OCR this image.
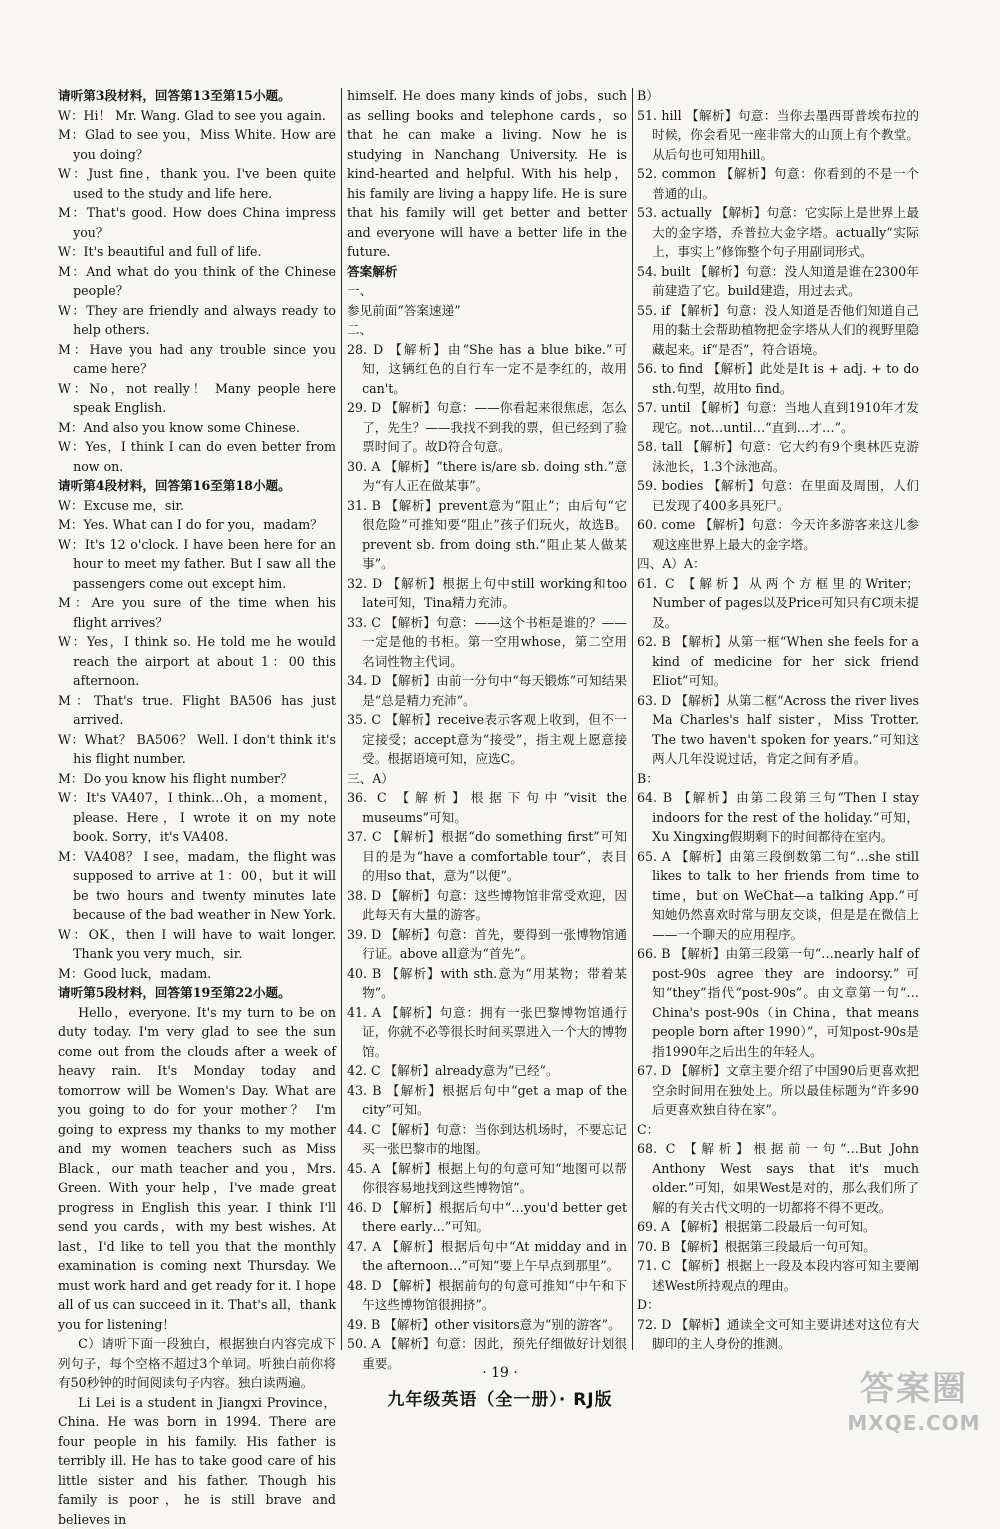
请听第3段材料，回答第13至第15小题。

W：Hi！ Mr. Wang. Glad to see you again.

M：Glad to see you，Miss White. How are you doing？

W：Just fine，thank you. I've been quite used to the study and life here.

M：That's good. How does China impress you？

W：It's beautiful and full of life.

M：And what do you think of the Chinese people？

W：They are friendly and always ready to help others.

M：Have you had any trouble since you came here？

W：No，not really！ Many people here speak English.

M：And also you know some Chinese.

W：Yes，I think I can do even better from now on.

请听第4段材料，回答第16至第18小题。

W：Excuse me，sir.

M：Yes. What can I do for you，madam？

W：It's 12 o'clock. I have been here for an hour to meet my father. But I saw all the passengers come out except him.

M：Are you sure of the time when his flight arrives？

W：Yes，I think so. He told me he would reach the airport at about 1：00 this afternoon.

M：That's true. Flight BA506 has just arrived.

W：What？ BA506？ Well. I don't think it's his flight number.

M：Do you know his flight number？

W：It's VA407，I think…Oh，a moment，please. Here，I wrote it on my note book. Sorry，it's VA408.

M：VA408？ I see，madam，the flight was supposed to arrive at 1：00，but it will be two hours and twenty minutes late because of the bad weather in New York.

W：OK，then I will have to wait longer. Thank you very much，sir.

M：Good luck，madam.

请听第5段材料，回答第19至第22小题。

Hello，everyone. It's my turn to be on duty today. I'm very glad to see the sun come out from the clouds after a week of heavy rain. It's Monday today and tomorrow will be Women's Day. What are you going to do for your mother？ I'm going to express my thanks to my mother and my women teachers such as Miss Black，our math teacher and you，Mrs. Green. With your help，I've made great progress in English this year. I think I'll send you cards，with my best wishes. At last，I'd like to tell you that the monthly examination is coming next Thursday. We must work hard and get ready for it. I hope all of us can succeed in it. That's all，thank you for listening！

C）请听下面一段独白，根据独白内容完成下列句子，每个空格不超过3个单词。听独白前你将有50秒钟的时间阅读句子内容。独白读两遍。

Li Lei is a student in Jiangxi Province，China. He was born in 1994. There are four people in his family. His father is terribly ill. He has to take good care of his little sister and his father. Though his family is poor，he is still brave and believes in

himself. He does many kinds of jobs，such as selling books and telephone cards，so that he can make a living. Now he is studying in Nanchang University. He is kind-hearted and helpful. With his help，his family are living a happy life. He is sure that his family will get better and better and everyone will have a better life in the future.

答案解析

一、

参见前面“答案速递”

二、

28. D 【解析】由“She has a blue bike.”可知，这辆红色的自行车一定不是李红的，故用can't。

29. D 【解析】句意：——你看起来很焦虑，怎么了，先生？——我找不到我的票，但已经到了验票时间了。故D符合句意。

30. A 【解析】“there is/are sb. doing sth.”意为“有人正在做某事”。

31. B 【解析】prevent意为“阻止”；由后句“它很危险”可推知要“阻止”孩子们玩火，故选B。prevent sb. from doing sth.“阻止某人做某事”。

32. D 【解析】根据上句中still working和too late可知，Tina精力充沛。

33. C 【解析】句意：——这个书柜是谁的？——一定是他的书柜。第一空用whose，第二空用名词性物主代词。

34. D 【解析】由前一分句中“每天锻炼”可知结果是“总是精力充沛”。

35. C 【解析】receive表示客观上收到，但不一定接受；accept意为“接受”，指主观上愿意接受。根据语境可知，应选C。

三、A）

36. C 【解析】根据下句中“visit the museums”可知。

37. C 【解析】根据“do something first”可知目的是为“have a comfortable tour”，表目的用so that，意为“以便”。

38. D 【解析】句意：这些博物馆非常受欢迎，因此每天有大量的游客。

39. D 【解析】句意：首先，要得到一张博物馆通行证。above all意为“首先”。

40. B 【解析】with sth.意为“用某物；带着某物”。

41. A 【解析】句意：拥有一张巴黎博物馆通行证，你就不必等很长时间买票进入一个大的博物馆。

42. C 【解析】already意为“已经”。

43. B 【解析】根据后句中“get a map of the city”可知。

44. C 【解析】句意：当你到达机场时，不要忘记买一张巴黎市的地图。

45. A 【解析】根据上句的句意可知“地图可以帮你很容易地找到这些博物馆”。

46. D 【解析】根据后句中“…you'd better get there early…”可知。

47. A 【解析】根据后句中“At midday and in the afternoon…”可知“要上午早点到那里”。

48. D 【解析】根据前句的句意可推知“中午和下午这些博物馆很拥挤”。

49. B 【解析】other visitors意为“别的游客”。

50. A 【解析】句意：因此，预先仔细做好计划很重要。

B）

51. hill 【解析】句意：当你去墨西哥普埃布拉的时候，你会看见一座非常大的山顶上有个教堂。从后句也可知用hill。

52. common 【解析】句意：你看到的不是一个普通的山。

53. actually 【解析】句意：它实际上是世界上最大的金字塔，乔普拉大金字塔。actually“实际上，事实上”修饰整个句子用副词形式。

54. built 【解析】句意：没人知道是谁在2300年前建造了它。build建造，用过去式。

55. if 【解析】句意：没人知道是否他们知道自己用的黏土会帮助植物把金字塔从人们的视野里隐藏起来。if“是否”，符合语境。

56. to find 【解析】此处是It is + adj. + to do sth.句型，故用to find。

57. until 【解析】句意：当地人直到1910年才发现它。not…until…“直到…才…”。

58. tall 【解析】句意：它大约有9个奥林匹克游泳池长，1.3个泳池高。

59. bodies 【解析】句意：在里面及周围，人们已发现了400多具死尸。

60. come 【解析】句意：今天许多游客来这儿参观这座世界上最大的金字塔。

四、A）A：

61. C 【解析】从两个方框里的Writer；Number of pages以及Price可知只有C项未提及。

62. B 【解析】从第一框“When she feels for a kind of medicine for her sick friend Eliot”可知。

63. D 【解析】从第二框“Across the river lives Ma Charles's half sister，Miss Trotter. The two haven't spoken for years.”可知这两人几年没说过话，肯定之间有矛盾。

B：

64. B 【解析】由第二段第三句“Then I stay indoors for the rest of the holiday.”可知，Xu Xingxing假期剩下的时间都待在室内。

65. A 【解析】由第三段倒数第二句“…she still likes to talk to her friends from time to time，but on WeChat—a talking App.”可知她仍然喜欢时常与朋友交谈，但是是在微信上——一个聊天的应用程序。

66. B 【解析】由第三段第一句“…nearly half of post-90s agree they are indoorsy.”可知“they”指代“post-90s”。由文章第一句“…China's post-90s（in China，that means people born after 1990）”，可知post-90s是指1990年之后出生的年轻人。

67. D 【解析】文章主要介绍了中国90后更喜欢把空余时间用在独处上。所以最佳标题为“许多90后更喜欢独自待在家”。

C：

68. C 【解析】根据前一句“…But John Anthony West says that it's much older.”可知，如果West是对的，那么我们所了解的有关古代文明的一切都将不得不更改。

69. A 【解析】根据第二段最后一句可知。

70. B 【解析】根据第三段最后一句可知。

71. C 【解析】根据上一段及本段内容可知主要阐述West所持观点的理由。

D：

72. D 【解析】通读全文可知主要讲述对这位有大脚印的主人身份的推测。

· 19 ·
九年级英语（全一册）· RJ版	答案圈
MXQE.COM
